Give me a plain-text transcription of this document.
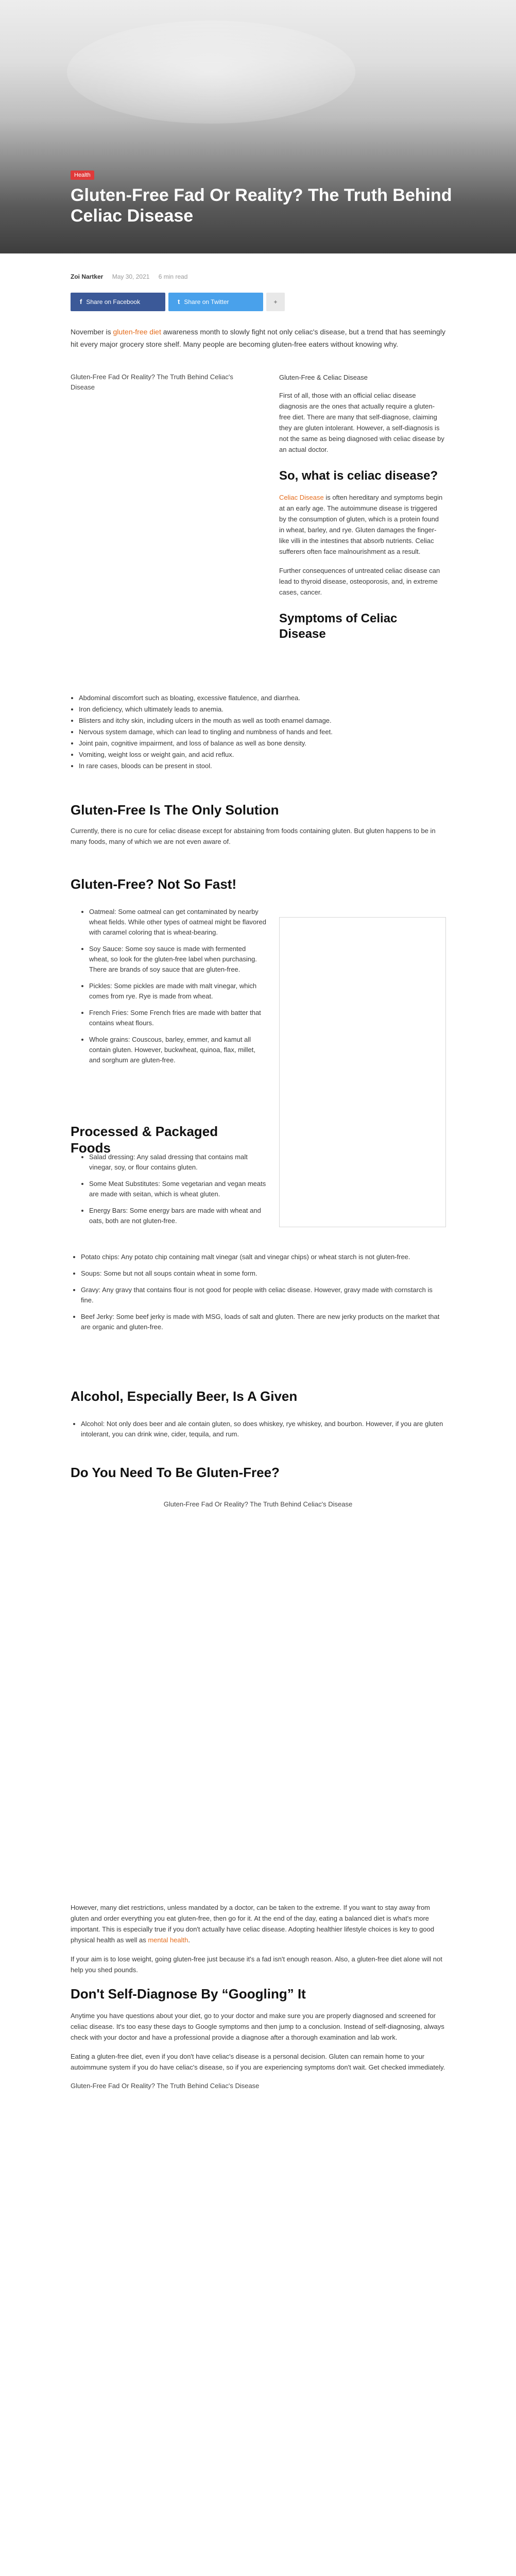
Health
Gluten-Free Fad Or Reality? The Truth Behind Celiac Disease
Zoi Nartker May 30, 2021 6 min read
f Share on Facebook	t Share on Twitter	+

November is gluten-free diet awareness month to slowly fight not only celiac's disease, but a trend that has seemingly hit every major grocery store shelf. Many people are becoming gluten-free eaters without knowing why.

Gluten-Free Fad Or Reality? The Truth Behind Celiac's Disease

Gluten-Free & Celiac Disease

First of all, those with an official celiac disease diagnosis are the ones that actually require a gluten-free diet. There are many that self-diagnose, claiming they are gluten intolerant. However, a self-diagnosis is not the same as being diagnosed with celiac disease by an actual doctor.

So, what is celiac disease?

Celiac Disease is often hereditary and symptoms begin at an early age. The autoimmune disease is triggered by the consumption of gluten, which is a protein found in wheat, barley, and rye. Gluten damages the finger-like villi in the intestines that absorb nutrients. Celiac sufferers often face malnourishment as a result.

Further consequences of untreated celiac disease can lead to thyroid disease, osteoporosis, and, in extreme cases, cancer.

Symptoms of Celiac Disease
• Abdominal discomfort such as bloating, excessive flatulence, and diarrhea.
• Iron deficiency, which ultimately leads to anemia.
• Blisters and itchy skin, including ulcers in the mouth as well as tooth enamel damage.
• Nervous system damage, which can lead to tingling and numbness of hands and feet.
• Joint pain, cognitive impairment, and loss of balance as well as bone density.
• Vomiting, weight loss or weight gain, and acid reflux.
• In rare cases, bloods can be present in stool.
Gluten-Free Is The Only Solution

Currently, there is no cure for celiac disease except for abstaining from foods containing gluten. But gluten happens to be in many foods, many of which we are not even aware of.

Gluten-Free? Not So Fast!
• Oatmeal: Some oatmeal can get contaminated by nearby wheat fields. While other types of oatmeal might be flavored with caramel coloring that is wheat-bearing.
• Soy Sauce: Some soy sauce is made with fermented wheat, so look for the gluten-free label when purchasing. There are brands of soy sauce that are gluten-free.
• Pickles: Some pickles are made with malt vinegar, which comes from rye. Rye is made from wheat.
• French Fries: Some French fries are made with batter that contains wheat flours.
• Whole grains: Couscous, barley, emmer, and kamut all contain gluten. However, buckwheat, quinoa, flax, millet, and sorghum are gluten-free.
Processed & Packaged Foods
• Salad dressing: Any salad dressing that contains malt vinegar, soy, or flour contains gluten.
• Some Meat Substitutes: Some vegetarian and vegan meats are made with seitan, which is wheat gluten.
• Energy Bars: Some energy bars are made with wheat and oats, both are not gluten-free.
• Potato chips: Any potato chip containing malt vinegar (salt and vinegar chips) or wheat starch is not gluten-free.
• Soups: Some but not all soups contain wheat in some form.
• Gravy: Any gravy that contains flour is not good for people with celiac disease. However, gravy made with cornstarch is fine.
• Beef Jerky: Some beef jerky is made with MSG, loads of salt and gluten. There are new jerky products on the market that are organic and gluten-free.
Alcohol, Especially Beer, Is A Given
• Alcohol: Not only does beer and ale contain gluten, so does whiskey, rye whiskey, and bourbon. However, if you are gluten intolerant, you can drink wine, cider, tequila, and rum.
Do You Need To Be Gluten-Free?
Gluten-Free Fad Or Reality? The Truth Behind Celiac's Disease

However, many diet restrictions, unless mandated by a doctor, can be taken to the extreme. If you want to stay away from gluten and order everything you eat gluten-free, then go for it. At the end of the day, eating a balanced diet is what's more important. This is especially true if you don't actually have celiac disease. Adopting healthier lifestyle choices is key to good physical health as well as mental health.

If your aim is to lose weight, going gluten-free just because it's a fad isn't enough reason. Also, a gluten-free diet alone will not help you shed pounds.

Don't Self-Diagnose By “Googling” It

Anytime you have questions about your diet, go to your doctor and make sure you are properly diagnosed and screened for celiac disease. It's too easy these days to Google symptoms and then jump to a conclusion. Instead of self-diagnosing, always check with your doctor and have a professional provide a diagnose after a thorough examination and lab work.

Eating a gluten-free diet, even if you don't have celiac's disease is a personal decision. Gluten can remain home to your autoimmune system if you do have celiac's disease, so if you are experiencing symptoms don't wait. Get checked immediately.

Gluten-Free Fad Or Reality? The Truth Behind Celiac's Disease
